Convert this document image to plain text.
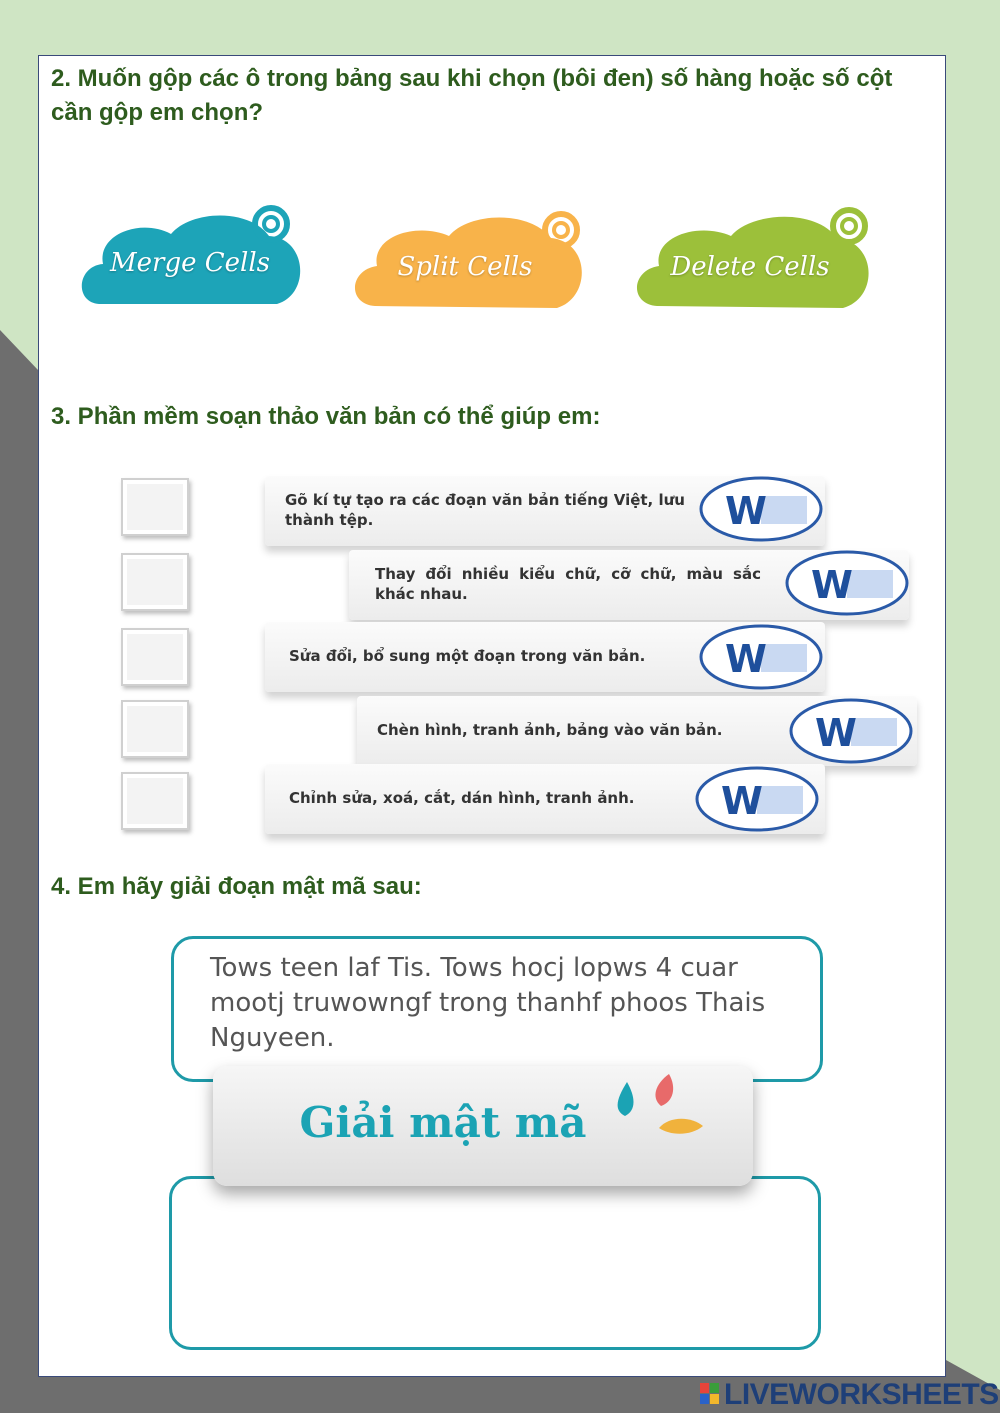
2. Muốn gộp các ô trong bảng sau khi chọn (bôi đen) số hàng hoặc số cột cần gộp em chọn?
Merge Cells	Split Cells	Delete Cells
3. Phần mềm soạn thảo văn bản có thể giúp em:
Gõ kí tự tạo ra các đoạn văn bản tiếng Việt, lưu thành tệp.	W
Thay đổi nhiều kiểu chữ, cỡ chữ, màu sắc khác nhau.	W
Sửa đổi, bổ sung một đoạn trong văn bản.	W
Chèn hình, tranh ảnh, bảng vào văn bản.	W
Chỉnh sửa, xoá, cắt, dán hình, tranh ảnh.	W
4. Em hãy giải đoạn mật mã sau:
Tows teen laf Tis. Tows hocj lopws 4 cuar mootj truwowngf trong thanhf phoos Thais Nguyeen.
Giải mật mã
LIVEWORKSHEETS
